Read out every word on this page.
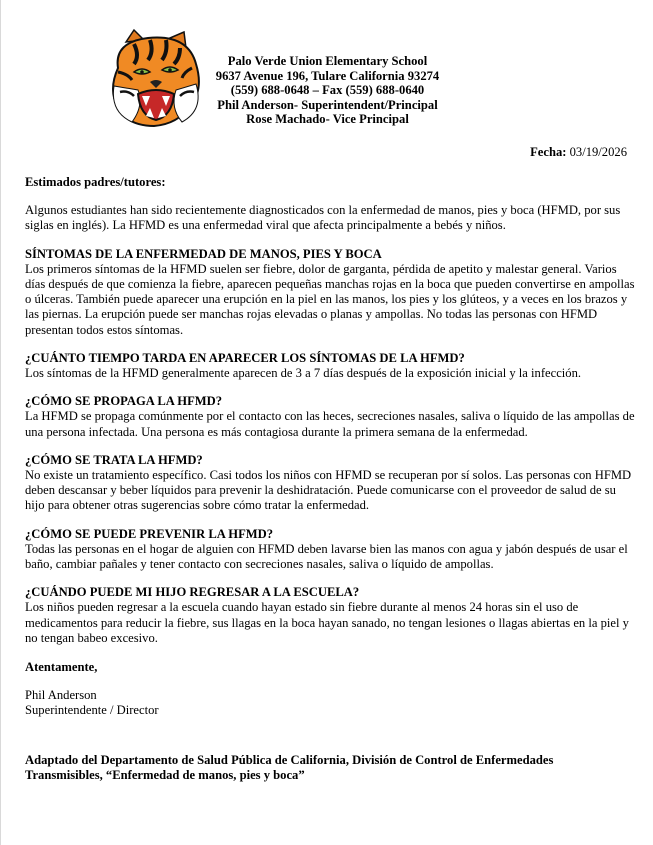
Palo Verde Union Elementary School
9637 Avenue 196, Tulare California 93274
(559) 688-0648 – Fax (559) 688-0640
Phil Anderson- Superintendent/Principal
Rose Machado- Vice Principal
Fecha: 03/19/2026

Estimados padres/tutores:

Algunos estudiantes han sido recientemente diagnosticados con la enfermedad de manos, pies y boca (HFMD, por sus siglas en inglés). La HFMD es una enfermedad viral que afecta principalmente a bebés y niños.

SÍNTOMAS DE LA ENFERMEDAD DE MANOS, PIES Y BOCA
Los primeros síntomas de la HFMD suelen ser fiebre, dolor de garganta, pérdida de apetito y malestar general. Varios días después de que comienza la fiebre, aparecen pequeñas manchas rojas en la boca que pueden convertirse en ampollas o úlceras. También puede aparecer una erupción en la piel en las manos, los pies y los glúteos, y a veces en los brazos y las piernas. La erupción puede ser manchas rojas elevadas o planas y ampollas. No todas las personas con HFMD presentan todos estos síntomas.
¿CUÁNTO TIEMPO TARDA EN APARECER LOS SÍNTOMAS DE LA HFMD?
Los síntomas de la HFMD generalmente aparecen de 3 a 7 días después de la exposición inicial y la infección.
¿CÓMO SE PROPAGA LA HFMD?
La HFMD se propaga comúnmente por el contacto con las heces, secreciones nasales, saliva o líquido de las ampollas de una persona infectada. Una persona es más contagiosa durante la primera semana de la enfermedad.
¿CÓMO SE TRATA LA HFMD?
No existe un tratamiento específico. Casi todos los niños con HFMD se recuperan por sí solos. Las personas con HFMD deben descansar y beber líquidos para prevenir la deshidratación. Puede comunicarse con el proveedor de salud de su hijo para obtener otras sugerencias sobre cómo tratar la enfermedad.
¿CÓMO SE PUEDE PREVENIR LA HFMD?
Todas las personas en el hogar de alguien con HFMD deben lavarse bien las manos con agua y jabón después de usar el baño, cambiar pañales y tener contacto con secreciones nasales, saliva o líquido de ampollas.
¿CUÁNDO PUEDE MI HIJO REGRESAR A LA ESCUELA?
Los niños pueden regresar a la escuela cuando hayan estado sin fiebre durante al menos 24 horas sin el uso de medicamentos para reducir la fiebre, sus llagas en la boca hayan sanado, no tengan lesiones o llagas abiertas en la piel y no tengan babeo excesivo.
Atentamente,
Phil Anderson
Superintendente / Director
Adaptado del Departamento de Salud Pública de California, División de Control de Enfermedades
Transmisibles, “Enfermedad de manos, pies y boca”
